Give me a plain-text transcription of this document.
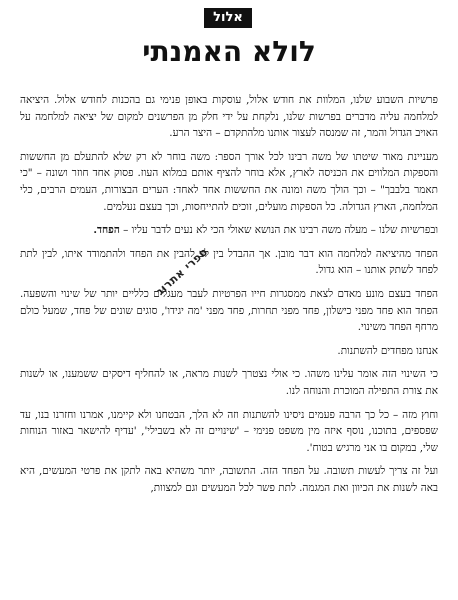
אלול
לולא האמנתי

פרשיות השבוע שלנו, המלוות את חודש אלול, עוסקות באופן פנימי גם בהכנות לחודש אלול. היציאה למלחמה עליה מדברים בפרשות שלנו, נלקחת על ידי חלק מן הפרשנים למקום של יציאה למלחמה על האויב הגדול והמר, זה שמנסה לעצור אותנו מלהתקדם – היצר הרע.

מעניינת מאוד שיטתו של משה רבינו לכל אורך הספר: משה בוחר לא רק שלא להתעלם מן החששות והספקות המלווים את הכניסה לארץ, אלא בוחר להציף אותם במלוא העוז. פסוק אחד חוזר ושונה – "כי תאמר בלבבך" – וכך הולך משה ומונה את החששות אחד לאחד: הערים הבצורות, העמים הרבים, כלי המלחמה, הארץ הגדולה. כל הספקות מועלים, זוכים להתייחסות, וכך בעצם נעלמים.

ובפרשיות שלנו – מעלה משה רבינו את הנושא שאולי הכי לא נעים לדבר עליו – הפחד.

הפחד מהיציאה למלחמה הוא דבר מובן. אך ההבדל בין לב להבין את הפחד ולהתמודד איתו, לבין לתת לפחד לשתק אותנו – הוא גדול.

הפחד בעצם מונע מאדם לצאת ממסגרות חייו הפרטיות לעבר מעגלים כלליים יותר של שינוי והשפעה. הפחד הוא פחד מפני כישלון, פחד מפני תחרות, פחד מפני 'מה יגידו', סוגים שונים של פחד, שמעל כולם מרחף הפחד משינוי.

אנחנו מפחדים להשתנות.

כי השינוי הזה אומר עלינו משהו. כי אולי נצטרך לשנות מראה, או להחליף דיסקים ששמענו, או לשנות את צורת התפילה המוכרת והנוחה לנו.

וחוץ מזה – כל כך הרבה פעמים ניסינו להשתנות וזה לא הלך, הבטחנו ולא קיימנו, אמרנו וחזרנו בנו, עד שפספים, בתוכנו, נוסף איזה מין משפט פנימי – 'שינויים זה לא בשבילי', 'עדיף להישאר באזור הנוחות שלי, במקום בו אני מרגיש בטוח'.

ועל זה צריך לעשות תשובה. על הפחד הזה. התשובה, יותר משהיא באה לתקן את פרטי המעשים, היא באה לשנות את הכיוון ואת המגמה. לתת פשר לכל המעשים וגם למצוות,

ספרי אתרוג
